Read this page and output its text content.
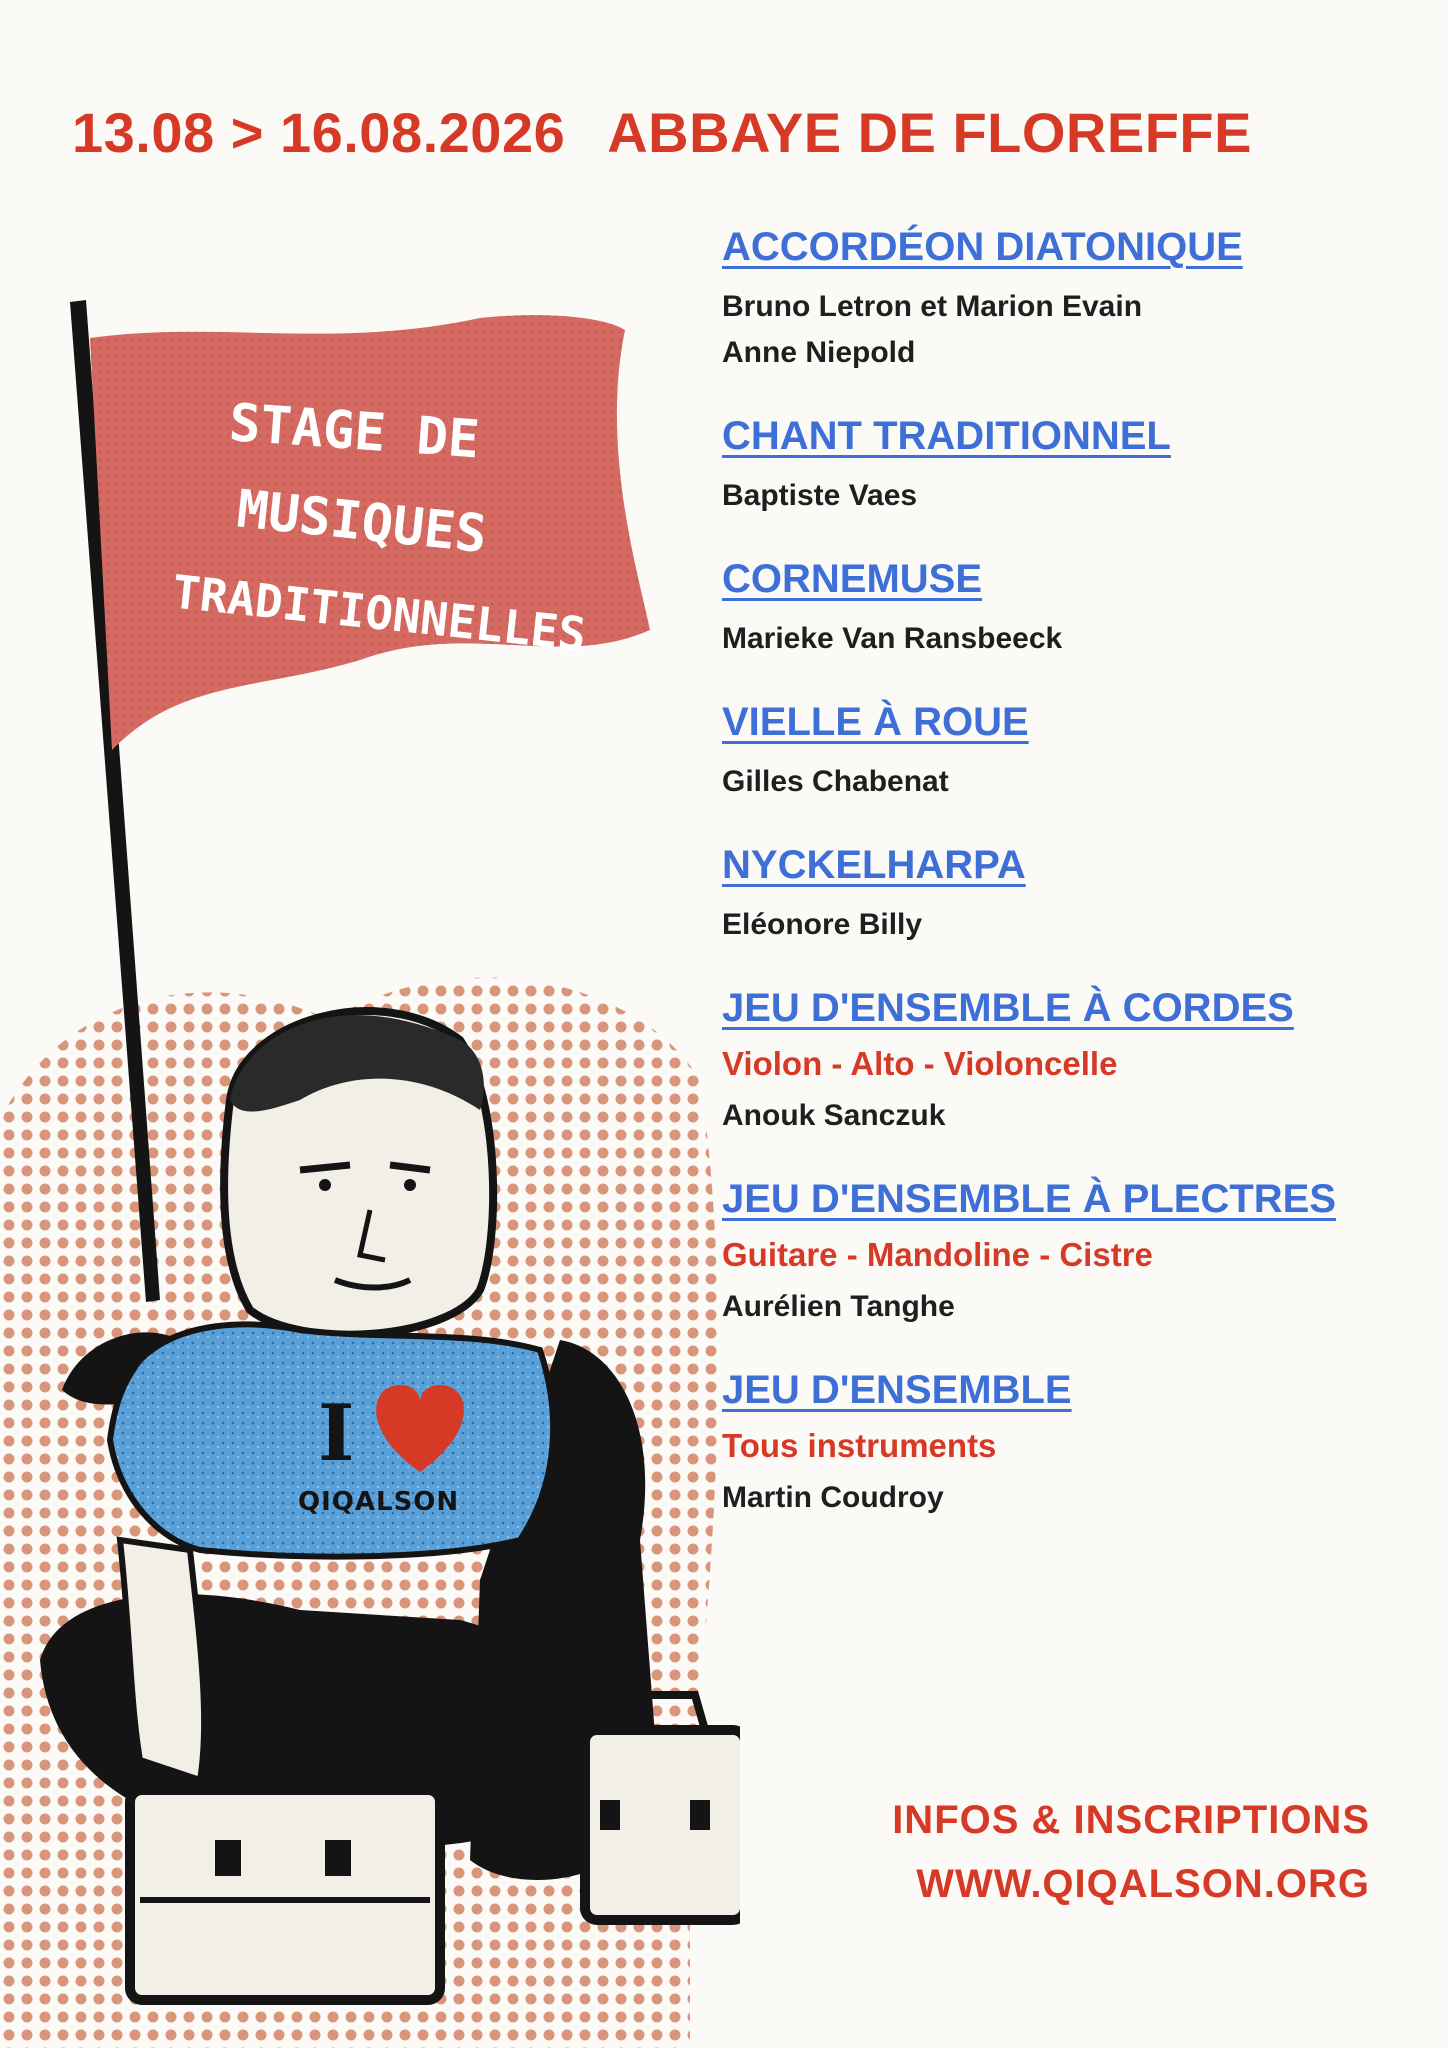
13.08 > 16.08.2026 ABBAYE DE FLOREFFE
STAGE DE
MUSIQUES
TRADITIONNELLES
I
QIQALSON
ACCORDÉON DIATONIQUE
Bruno Letron et Marion Evain
Anne Niepold
CHANT TRADITIONNEL
Baptiste Vaes
CORNEMUSE
Marieke Van Ransbeeck
VIELLE À ROUE
Gilles Chabenat
NYCKELHARPA
Eléonore Billy
JEU D'ENSEMBLE À CORDES
Violon - Alto - Violoncelle
Anouk Sanczuk
JEU D'ENSEMBLE À PLECTRES
Guitare - Mandoline - Cistre
Aurélien Tanghe
JEU D'ENSEMBLE
Tous instruments
Martin Coudroy
INFOS & INSCRIPTIONS
WWW.QIQALSON.ORG
